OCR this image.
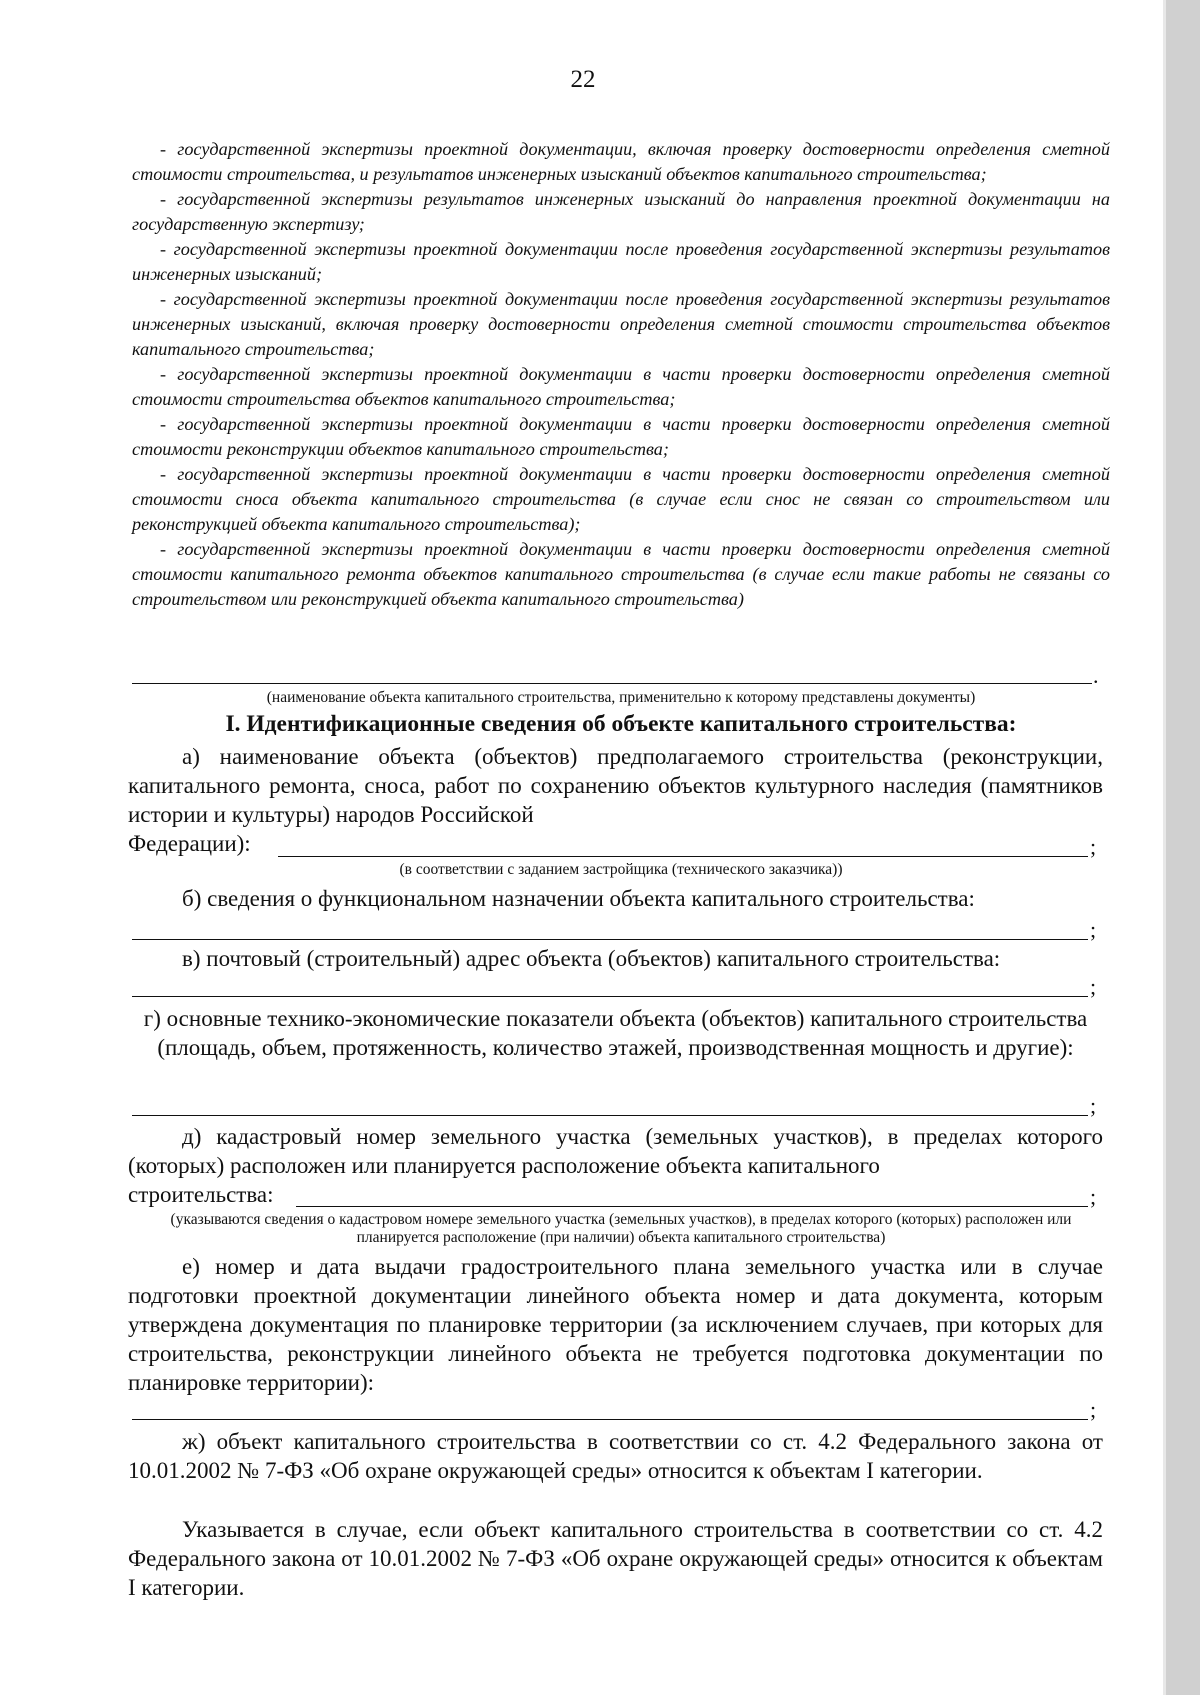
22

- государственной экспертизы проектной документации, включая проверку достоверности определения сметной стоимости строительства, и результатов инженерных изысканий объектов капитального строительства;

- государственной экспертизы результатов инженерных изысканий до направления проектной документации на государственную экспертизу;

- государственной экспертизы проектной документации после проведения государственной экспертизы результатов инженерных изысканий;

- государственной экспертизы проектной документации после проведения государственной экспертизы результатов инженерных изысканий, включая проверку достоверности определения сметной стоимости строительства объектов капитального строительства;

- государственной экспертизы проектной документации в части проверки достоверности определения сметной стоимости строительства объектов капитального строительства;

- государственной экспертизы проектной документации в части проверки достоверности определения сметной стоимости реконструкции объектов капитального строительства;

- государственной экспертизы проектной документации в части проверки достоверности определения сметной стоимости сноса объекта капитального строительства (в случае если снос не связан со строительством или реконструкцией объекта капитального строительства);

- государственной экспертизы проектной документации в части проверки достоверности определения сметной стоимости капитального ремонта объектов капитального строительства (в случае если такие работы не связаны со строительством или реконструкцией объекта капитального строительства)

.

(наименование объекта капитального строительства, применительно к которому представлены документы)

I. Идентификационные сведения об объекте капитального строительства:

а) наименование объекта (объектов) предполагаемого строительства (реконструкции, капитального ремонта, сноса, работ по сохранению объектов культурного наследия (памятников истории и культуры) народов Российской

Федерации):	;

(в соответствии с заданием застройщика (технического заказчика))

б) сведения о функциональном назначении объекта капитального строительства:

;

в) почтовый (строительный) адрес объекта (объектов) капитального строительства:

;

г) основные технико-экономические показатели объекта (объектов) капитального строительства (площадь, объем, протяженность, количество этажей, производственная мощность и другие):

;

д) кадастровый номер земельного участка (земельных участков), в пределах которого (которых) расположен или планируется расположение объекта капитального

строительства:	;

(указываются сведения о кадастровом номере земельного участка (земельных участков), в пределах которого (которых) расположен или планируется расположение (при наличии) объекта капитального строительства)

е) номер и дата выдачи градостроительного плана земельного участка или в случае подготовки проектной документации линейного объекта номер и дата документа, которым утверждена документация по планировке территории (за исключением случаев, при которых для строительства, реконструкции линейного объекта не требуется подготовка документации по планировке территории):

;

ж) объект капитального строительства в соответствии со ст. 4.2 Федерального закона от 10.01.2002 № 7-ФЗ «Об охране окружающей среды» относится к объектам I категории.

Указывается в случае, если объект капитального строительства в соответствии со ст. 4.2 Федерального закона от 10.01.2002 № 7-ФЗ «Об охране окружающей среды» относится к объектам I категории.
